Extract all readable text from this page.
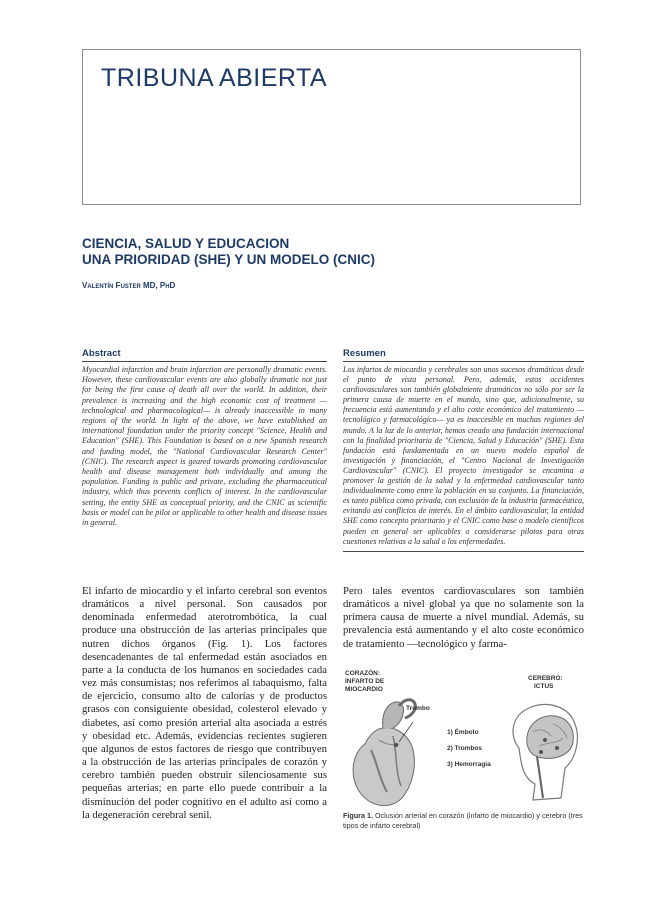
TRIBUNA ABIERTA
CIENCIA, SALUD Y EDUCACION
UNA PRIORIDAD (SHE) Y UN MODELO (CNIC)
Valentín Fuster MD, PhD
Abstract

Myocardial infarction and brain infarction are personally dramatic events. However, these cardiovascular events are also globally dramatic not just for being the first cause of death all over the world. In addition, their prevalence is increasing and the high economic cost of treatment —technological and pharmacological— is already inaccessible in many regions of the world. In light of the above, we have established an international foundation under the priority concept "Science, Health and Education" (SHE). This Foundation is based on a new Spanish research and funding model, the "National Cardiovascular Research Center" (CNIC). The research aspect is geared towards promoting cardiovascular health and disease management both individually and among the population. Funding is public and private, excluding the pharmaceutical industry, which thus prevents conflicts of interest. In the cardiovascular setting, the entity SHE as conceptual priority, and the CNIC as scientific basis or model can be pilot or applicable to other health and disease issues in general.

Resumen

Los infartos de miocardio y cerebrales son unos sucesos dramáticos desde el punto de vista personal. Pero, además, estos accidentes cardiovasculares son también globalmente dramáticos no sólo por ser la primera causa de muerte en el mundo, sino que, adicionalmente, su frecuencia está aumentando y el alto coste económico del tratamiento —tecnológico y farmacológico— ya es inaccesible en muchas regiones del mundo. A la luz de lo anterior, hemos creado una fundación internacional con la finalidad prioritaria de "Ciencia, Salud y Educación" (SHE). Esta fundación está fundamentada en un nuevo modelo español de investigación y financiación, el "Centro Nacional de Investigación Cardiovascular" (CNIC). El proyecto investigador se encamina a promover la gestión de la salud y la enfermedad cardiovascular tanto individualmente como entre la población en su conjunto. La financiación, es tanto pública como privada, con exclusión de la industria farmacéutica, evitando así conflictos de interés. En el ámbito cardiovascular, la entidad SHE como concepto prioritario y el CNIC como base o modelo científicos pueden en general ser aplicables o considerarse pilotos para otras cuestiones relativas a la salud o los enfermedades.

El infarto de miocardio y el infarto cerebral son eventos dramáticos a nivel personal. Son causados por denominada enfermedad aterotrombótica, la cual produce una obstrucción de las arterias principales que nutren dichos órganos (Fig. 1). Los factores desencadenantes de tal enfermedad están asociados en parte a la conducta de los humanos en sociedades cada vez más consumistas; nos referimos al tabaquismo, falta de ejercicio, consumo alto de calorías y de productos grasos con consiguiente obesidad, colesterol elevado y diabetes, así como presión arterial alta asociada a estrés y obesidad etc. Además, evidencias recientes sugieren que algunos de estos factores de riesgo que contribuyen a la obstrucción de las arterias principales de corazón y cerebro también pueden obstruir silenciosamente sus pequeñas arterias; en parte ello puede contribuir a la disminución del poder cognitivo en el adulto así como a la degeneración cerebral senil.

Pero tales eventos cardiovasculares son también dramáticos a nivel global ya que no solamente son la primera causa de muerte a nivel mundial. Además, su prevalencia está aumentando y el alto coste económico de tratamiento —tecnológico y farma-

CORAZÓN:
INFARTO DE
MIOCARDIO
CEREBRO:
ICTUS
Trombo
1) Émbolo
2) Trombos
3) Hemorragia

Figura 1. Oclusión arterial en corazón (infarto de miocardio) y cerebro (tres tipos de infarto cerebral)
